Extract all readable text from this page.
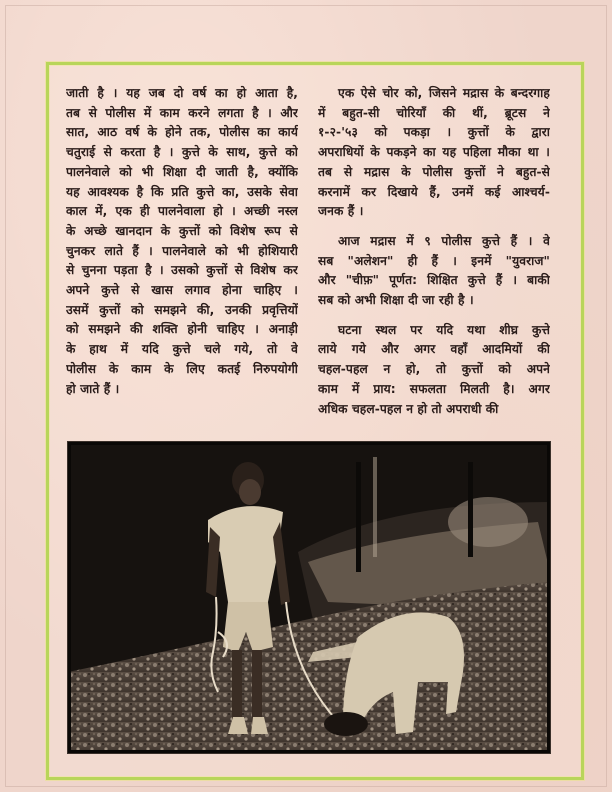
जाती है । यह जब दो वर्ष का हो आता है,
तब से पोलीस में काम करने लगता है । और
सात, आठ वर्ष के होने तक, पोलीस का कार्य
चतुराई से करता है । कुत्ते के साथ, कुत्ते को
पालनेवाले को भी शिक्षा दी जाती है, क्योंकि
यह आवश्यक है कि प्रति कुत्ते का, उसके सेवा
काल में, एक ही पालनेवाला हो । अच्छी नस्ल
के अच्छे खानदान के कुत्तों को विशेष रूप से
चुनकर लाते हैं । पालनेवाले को भी होशियारी
से चुनना पड़ता है । उसको कुत्तों से विशेष कर
अपने कुत्ते से खास लगाव होना चाहिए ।
उसमें कुत्तों को समझने की, उनकी प्रवृत्तियों
को समझने की शक्ति होनी चाहिए । अनाड़ी
के हाथ में यदि कुत्ते चले गये, तो वे
पोलीस के काम के लिए कतई निरुपयोगी
हो जाते हैं ।

एक ऐसे चोर को, जिसने मद्रास के बन्दरगाह
में बहुत-सी चोरियाँ की थीं, ब्रूटस ने
१-२-'५३ को पकड़ा । कुत्तों के द्वारा
अपराधियों के पकड़ने का यह पहिला मौका था ।
तब से मद्रास के पोलीस कुत्तों ने बहुत-से
करनामें कर दिखाये हैं, उनमें कई आश्चर्य-
जनक हैं ।

आज मद्रास में ९ पोलीस कुत्ते हैं । वे
सब "अलेशन" ही हैं । इनमें "युवराज"
और "चीफ़" पूर्णत: शिक्षित कुत्ते हैं । बाकी
सब को अभी शिक्षा दी जा रही है ।

घटना स्थल पर यदि यथा शीघ्र कुत्ते
लाये गये और अगर वहाँ आदमियों की
चहल-पहल न हो, तो कुत्तों को अपने
काम में प्राय: सफलता मिलती है। अगर
अधिक चहल-पहल न हो तो अपराधी की
